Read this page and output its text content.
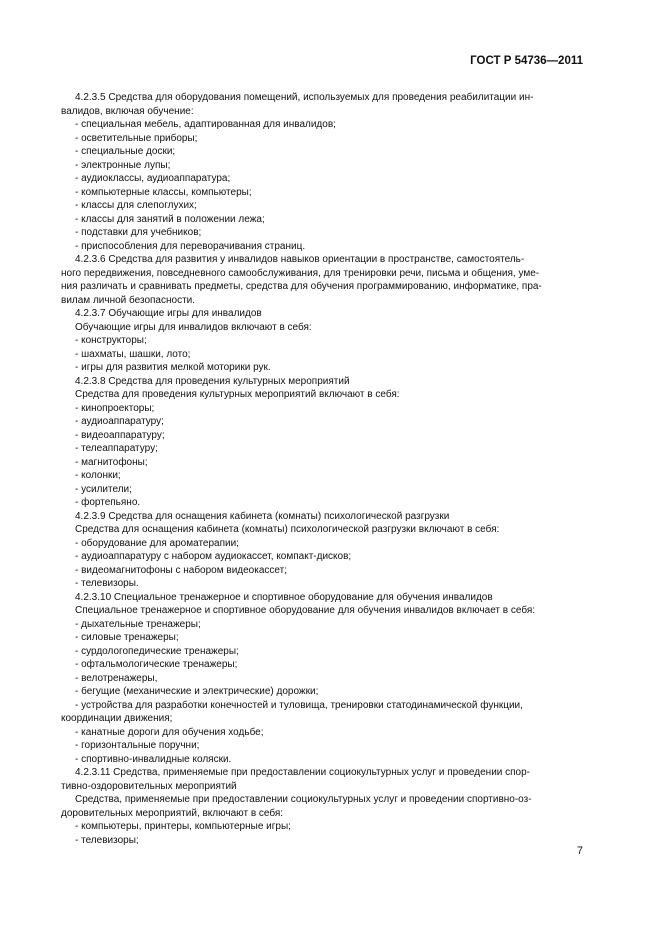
ГОСТ Р 54736—2011
4.2.3.5 Средства для оборудования помещений, используемых для проведения реабилитации ин-
валидов, включая обучение:
- специальная мебель, адаптированная для инвалидов;
- осветительные приборы;
- специальные доски;
- электронные лупы;
- аудиоклассы, аудиоаппаратура;
- компьютерные классы, компьютеры;
- классы для слепоглухих;
- классы для занятий в положении лежа;
- подставки для учебников;
- приспособления для переворачивания страниц.
4.2.3.6 Средства для развития у инвалидов навыков ориентации в пространстве, самостоятель-
ного передвижения, повседневного самообслуживания, для тренировки речи, письма и общения, уме-
ния различать и сравнивать предметы, средства для обучения программированию, информатике, пра-
вилам личной безопасности.
4.2.3.7 Обучающие игры для инвалидов
Обучающие игры для инвалидов включают в себя:
- конструкторы;
- шахматы, шашки, лото;
- игры для развития мелкой моторики рук.
4.2.3.8 Средства для проведения культурных мероприятий
Средства для проведения культурных мероприятий включают в себя:
- кинопроекторы;
- аудиоаппаратуру;
- видеоаппаратуру;
- телеаппаратуру;
- магнитофоны;
- колонки;
- усилители;
- фортепьяно.
4.2.3.9 Средства для оснащения кабинета (комнаты) психологической разгрузки
Средства для оснащения кабинета (комнаты) психологической разгрузки включают в себя:
- оборудование для ароматерапии;
- аудиоаппаратуру с набором аудиокассет, компакт-дисков;
- видеомагнитофоны с набором видеокассет;
- телевизоры.
4.2.3.10 Специальное тренажерное и спортивное оборудование для обучения инвалидов
Специальное тренажерное и спортивное оборудование для обучения инвалидов включает в себя:
- дыхательные тренажеры;
- силовые тренажеры;
- сурдологопедические тренажеры;
- офтальмологические тренажеры;
- велотренажеры,
- бегущие (механические и электрические) дорожки;
- устройства для разработки конечностей и туловища, тренировки статодинамической функции,
координации движения;
- канатные дороги для обучения ходьбе;
- горизонтальные поручни;
- спортивно-инвалидные коляски.
4.2.3.11 Средства, применяемые при предоставлении социокультурных услуг и проведении спор-
тивно-оздоровительных мероприятий
Средства, применяемые при предоставлении социокультурных услуг и проведении спортивно-оз-
доровительных мероприятий, включают в себя:
- компьютеры, принтеры, компьютерные игры;
- телевизоры;
7
